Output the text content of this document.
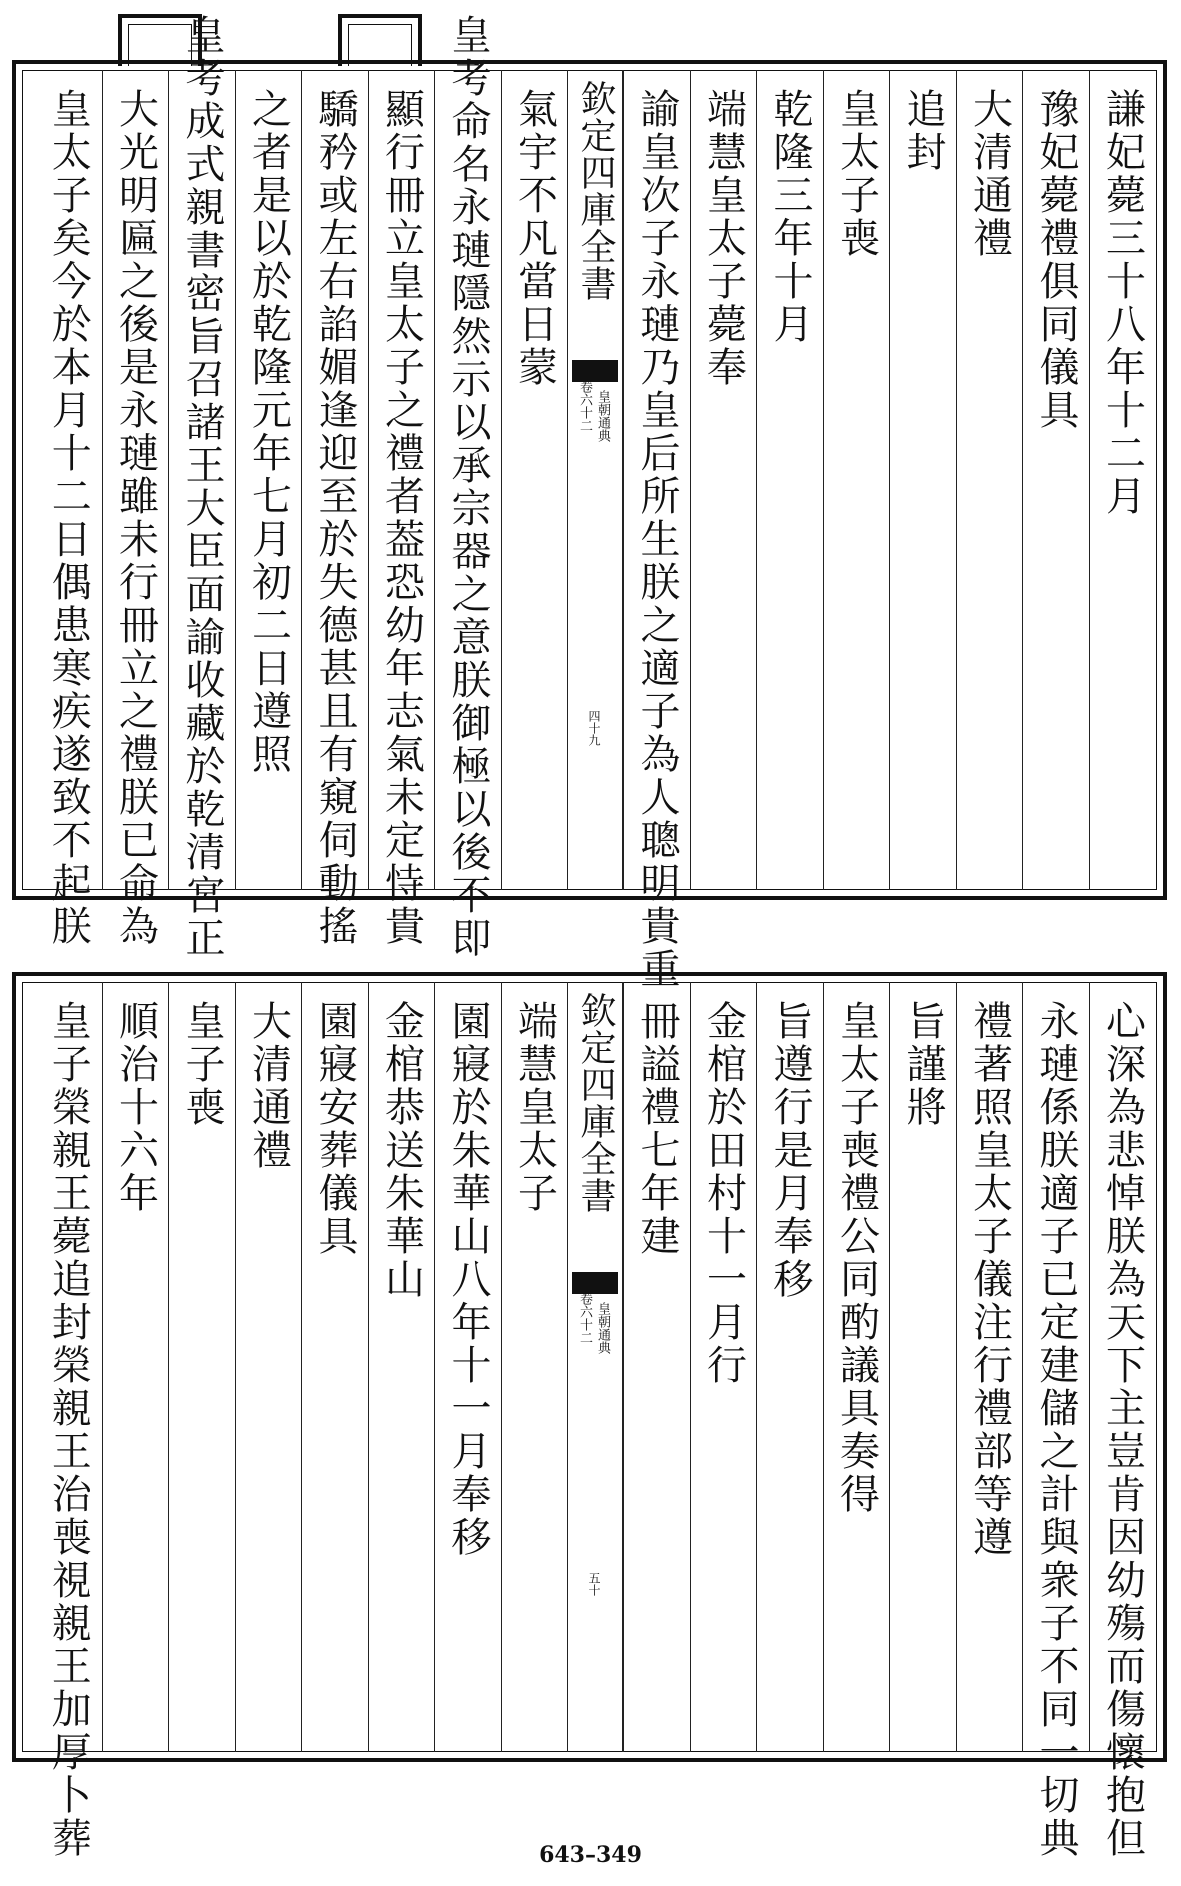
謙妃薨三十八年十二月
豫妃薨禮俱同儀具
大清通禮
追封
皇太子喪
乾隆三年十月
端慧皇太子薨奉
諭皇次子永璉乃皇后所生朕之適子為人聰明貴重
欽定四庫全書
皇朝通典
卷六十二
四十九
氣宇不凡當日蒙
皇考命名永璉隱然示以承宗器之意朕御極以後不即
顯行冊立皇太子之禮者葢恐幼年志氣未定恃貴
驕矜或左右諂媚逢迎至於失德甚且有窺伺動搖
之者是以於乾隆元年七月初二日遵照
皇考成式親書密旨召諸王大臣面諭收藏於乾清宮正
大光明匾之後是永璉雖未行冊立之禮朕已命為
皇太子矣今於本月十二日偶患寒疾遂致不起朕
心深為悲悼朕為天下主豈肯因幼殤而傷懷抱但
永璉係朕適子已定建儲之計與衆子不同一切典
禮著照皇太子儀注行禮部等遵
旨謹將
皇太子喪禮公同酌議具奏得
旨遵行是月奉移
金棺於田村十一月行
冊謚禮七年建
欽定四庫全書
皇朝通典
卷六十二
五十
端慧皇太子
園寢於朱華山八年十一月奉移
金棺恭送朱華山
園寢安葬儀具
大清通禮
皇子喪
順治十六年
皇子榮親王薨追封榮親王治喪視親王加厚卜葬	643–349
